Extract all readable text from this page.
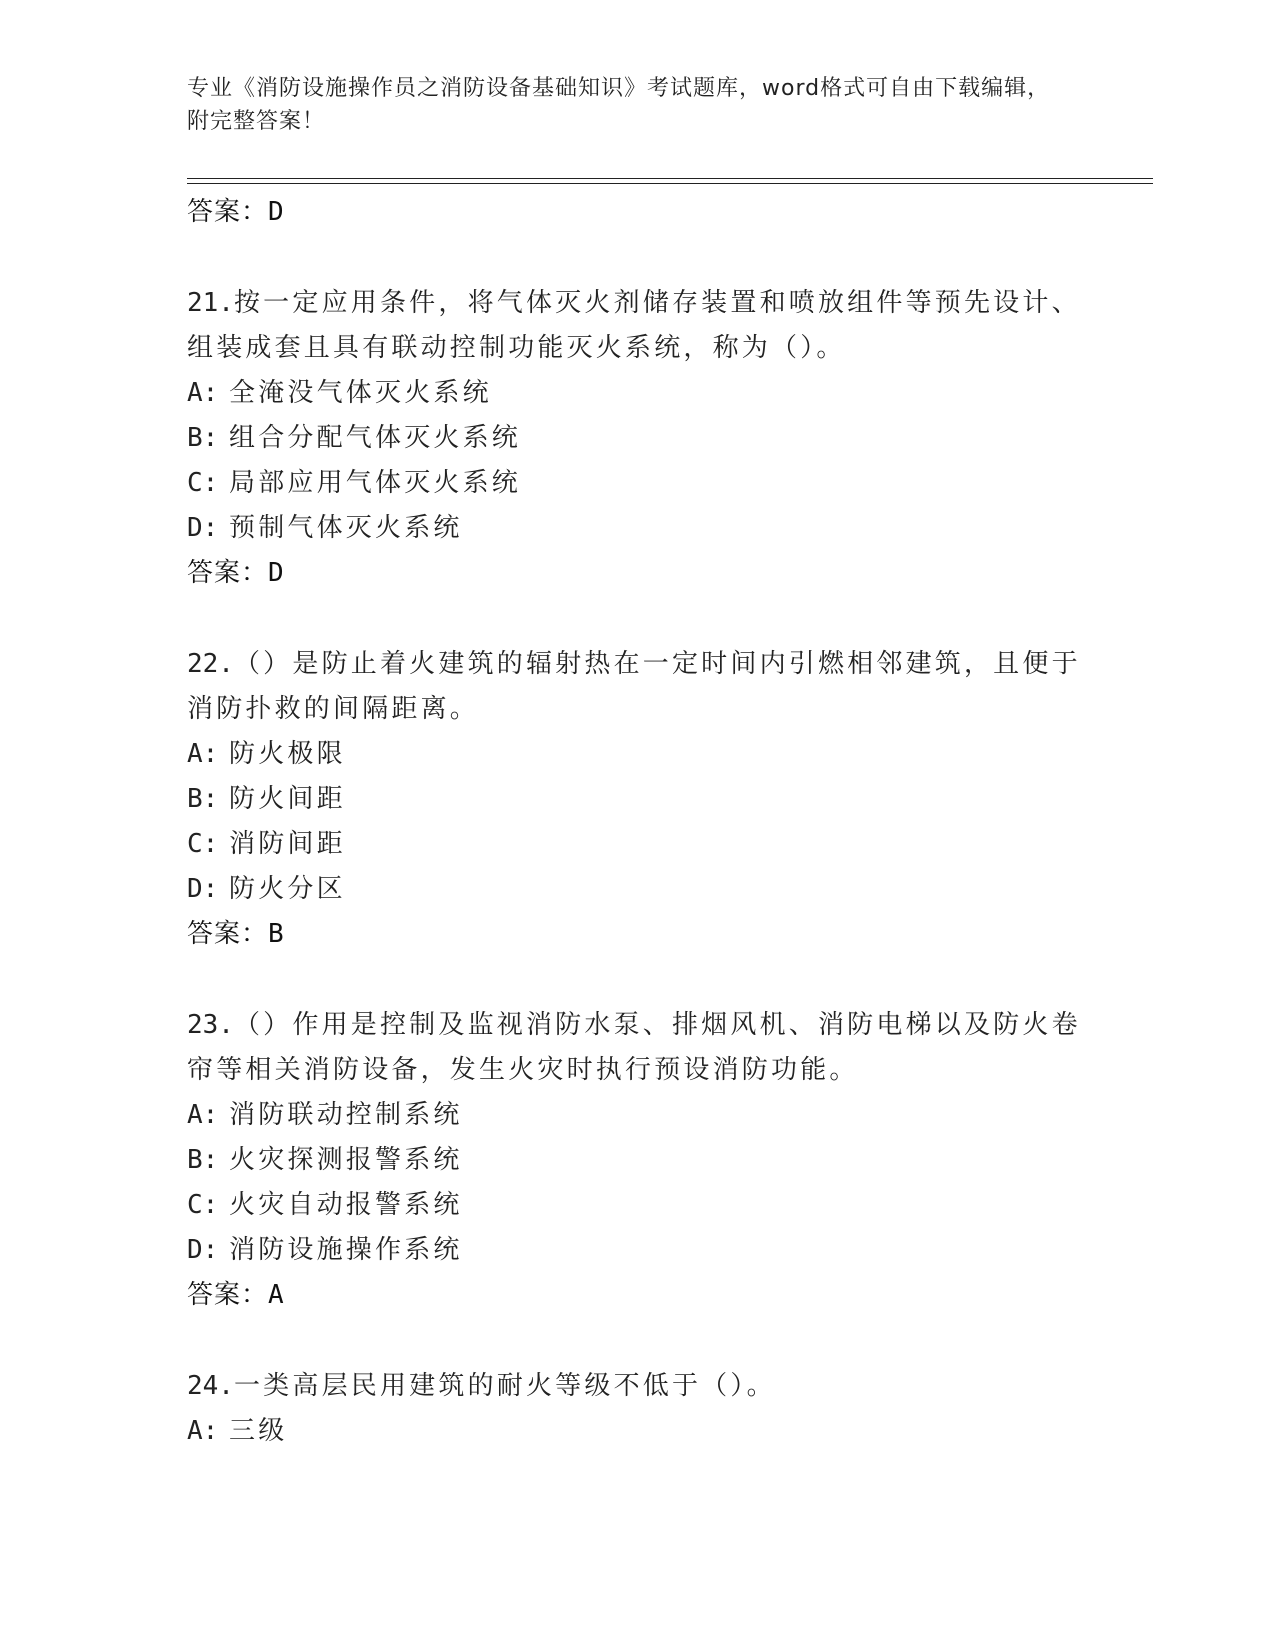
专业《消防设施操作员之消防设备基础知识》考试题库，word格式可自由下载编辑，附完整答案！
答案：D
21.按一定应用条件，将气体灭火剂储存装置和喷放组件等预先设计、组装成套且具有联动控制功能灭火系统，称为（）。
A: 全淹没气体灭火系统
B: 组合分配气体灭火系统
C: 局部应用气体灭火系统
D: 预制气体灭火系统
答案：D
22.（）是防止着火建筑的辐射热在一定时间内引燃相邻建筑，且便于消防扑救的间隔距离。
A: 防火极限
B: 防火间距
C: 消防间距
D: 防火分区
答案：B
23.（）作用是控制及监视消防水泵、排烟风机、消防电梯以及防火卷帘等相关消防设备，发生火灾时执行预设消防功能。
A: 消防联动控制系统
B: 火灾探测报警系统
C: 火灾自动报警系统
D: 消防设施操作系统
答案：A
24.一类高层民用建筑的耐火等级不低于（）。
A: 三级
